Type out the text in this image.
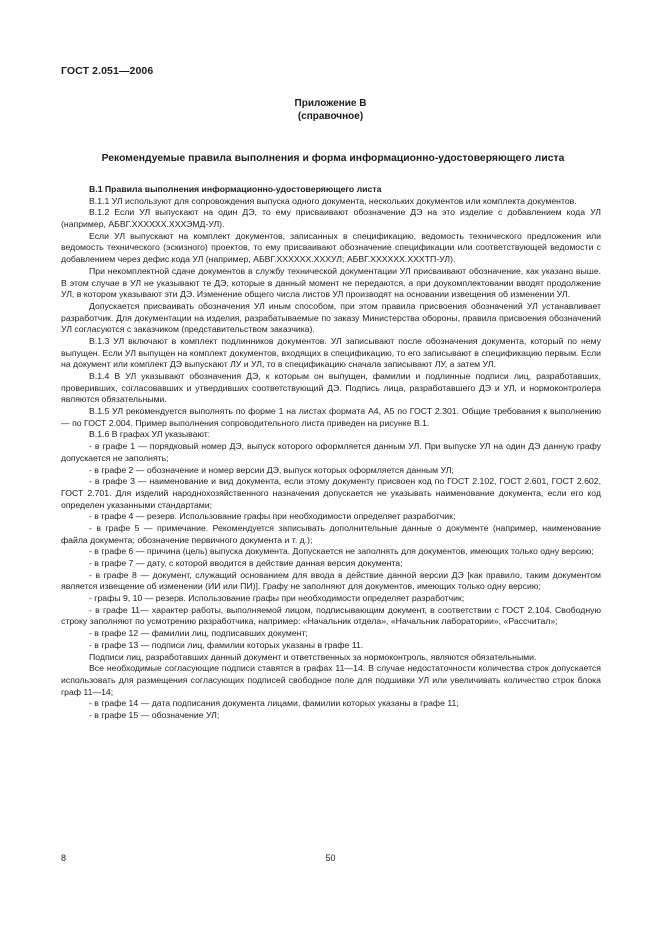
ГОСТ 2.051—2006
Приложение В
(справочное)
Рекомендуемые правила выполнения и форма информационно-удостоверяющего листа

В.1 Правила выполнения информационно-удостоверяющего листа

В.1.1 УЛ используют для сопровождения выпуска одного документа, нескольких документов или комплекта документов.

В.1.2 Если УЛ выпускают на один ДЭ, то ему присваивают обозначение ДЭ на это изделие с добавлением кода УЛ (например, АБВГ.ХХХХХХ.ХХХЭМД-УЛ).

Если УЛ выпускают на комплект документов, записанных в спецификацию, ведомость технического предложения или ведомость технического (эскизного) проектов, то ему присваивают обозначение спецификации или соответствующей ведомости с добавлением через дефис кода УЛ (например, АБВГ.ХХХХХХ.ХХХУЛ; АБВГ.ХХХХХХ.ХХХТП-УЛ).

При некомплектной сдаче документов в службу технической документации УЛ присваивают обозначение, как указано выше. В этом случае в УЛ не указывают те ДЭ, которые в данный момент не передаются, а при доукомплектовании вводят продолжение УЛ, в котором указывают эти ДЭ. Изменение общего числа листов УЛ производят на основании извещения об изменении УЛ.

Допускается присваивать обозначения УЛ иным способом, при этом правила присвоения обозначений УЛ устанавливает разработчик. Для документации на изделия, разрабатываемые по заказу Министерства обороны, правила присвоения обозначений УЛ согласуются с заказчиком (представительством заказчика).

В.1.3 УЛ включают в комплект подлинников документов. УЛ записывают после обозначения документа, который по нему выпущен. Если УЛ выпущен на комплект документов, входящих в спецификацию, то его записывают в спецификацию первым. Если на документ или комплект ДЭ выпускают ЛУ и УЛ, то в спецификацию сначала записывают ЛУ, а затем УЛ.

В.1.4 В УЛ указывают обозначения ДЭ, к которым он выпущен, фамилии и подлинные подписи лиц, разработавших, проверивших, согласовавших и утвердивших соответствующий ДЭ. Подпись лица, разработавшего ДЭ и УЛ, и нормоконтролера являются обязательными.

В.1.5 УЛ рекомендуется выполнять по форме 1 на листах формата А4, А5 по ГОСТ 2.301. Общие требования к выполнению — по ГОСТ 2.004. Пример выполнения сопроводительного листа приведен на рисунке В.1.

В.1.6 В графах УЛ указывают:

- в графе 1 — порядковый номер ДЭ, выпуск которого оформляется данным УЛ. При выпуске УЛ на один ДЭ данную графу допускается не заполнять;

- в графе 2 — обозначение и номер версии ДЭ, выпуск которых оформляется данным УЛ;

- в графе 3 — наименование и вид документа, если этому документу присвоен код по ГОСТ 2.102, ГОСТ 2.601, ГОСТ 2.602, ГОСТ 2.701. Для изделий народнохозяйственного назначения допускается не указывать наименование документа, если его код определен указанными стандартами;

- в графе 4 — резерв. Использование графы при необходимости определяет разработчик;

- в графе 5 — примечание. Рекомендуется записывать дополнительные данные о документе (например, наименование файла документа; обозначение первичного документа и т. д.);

- в графе 6 — причина (цель) выпуска документа. Допускается не заполнять для документов, имеющих только одну версию;

- в графе 7 — дату, с которой вводится в действие данная версия документа;

- в графе 8 — документ, служащий основанием для ввода в действие данной версии ДЭ [как правило, таким документом является извещение об изменении (ИИ или ПИ)]. Графу не заполняют для документов, имеющих только одну версию;

- графы 9, 10 — резерв. Использование графы при необходимости определяет разработчик;

- в графе 11— характер работы, выполняемой лицом, подписывающим документ, в соответствии с ГОСТ 2.104. Свободную строку заполняют по усмотрению разработчика, например: «Начальник отдела», «Начальник лаборатории», «Рассчитал»;

- в графе 12 — фамилии лиц, подписавших документ;

- в графе 13 — подписи лиц, фамилии которых указаны в графе 11.

Подписи лиц, разработавших данный документ и ответственных за нормоконтроль, являются обязательными.

Все необходимые согласующие подписи ставятся в графах 11—14. В случае недостаточности количества строк допускается использовать для размещения согласующих подписей свободное поле для подшивки УЛ или увеличивать количество строк блока граф 11—14;

- в графе 14 — дата подписания документа лицами, фамилии которых указаны в графе 11;

- в графе 15 — обозначение УЛ;

8	50
